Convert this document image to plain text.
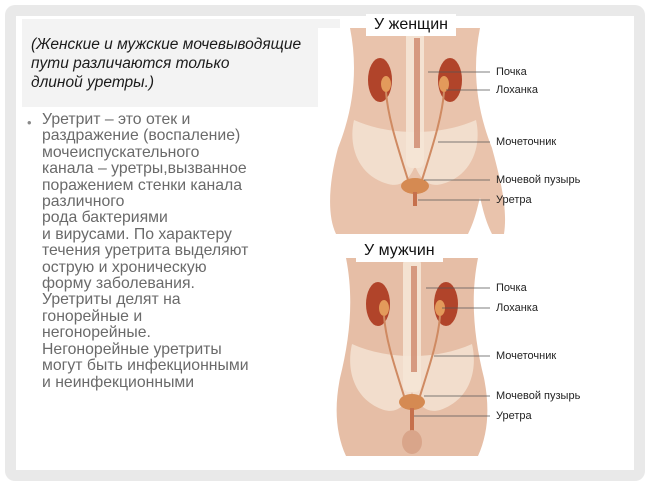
(Женские и мужские мочевыводящие
пути различаются только
длиной уретры.)
• Уретрит – это отек и
раздражение (воспаление)
мочеиспускательного
канала – уретры,вызванное
поражением стенки канала
различного
рода бактериями
и вирусами. По характеру
течения уретрита выделяют
острую и хроническую
форму заболевания.
Уретриты делят на
гонорейные и
негонорейные.
Негонорейные уретриты
могут быть инфекционными
и неинфекционными
У женщин
Почка
Лоханка
Мочеточник
Мочевой пузырь
Уретра
У мужчин
Почка
Лоханка
Мочеточник
Мочевой пузырь
Уретра
